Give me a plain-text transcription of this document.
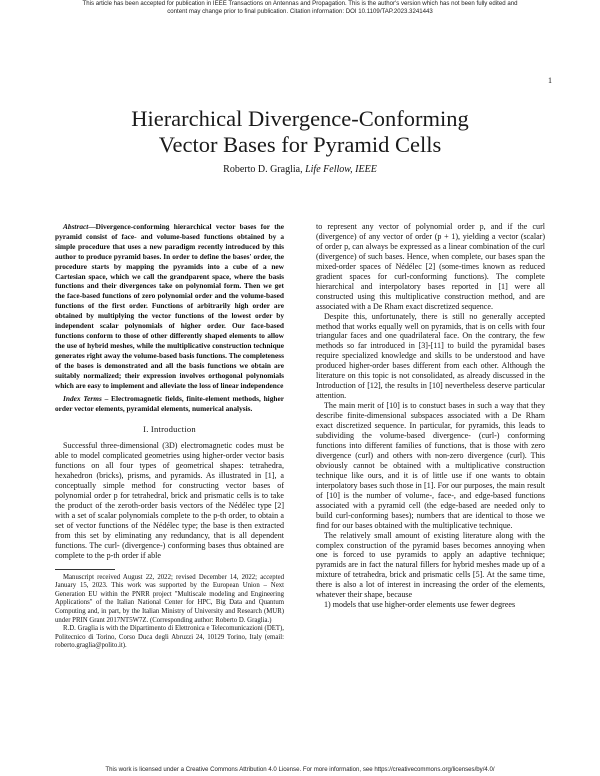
This article has been accepted for publication in IEEE Transactions on Antennas and Propagation. This is the author's version which has not been fully edited and
content may change prior to final publication. Citation information: DOI 10.1109/TAP.2023.3241443
1
Hierarchical Divergence-Conforming
Vector Bases for Pyramid Cells
Roberto D. Graglia, Life Fellow, IEEE

Abstract—Divergence-conforming hierarchical vector bases for the pyramid consist of face- and volume-based functions obtained by a simple procedure that uses a new paradigm recently introduced by this author to produce pyramid bases. In order to define the bases' order, the procedure starts by mapping the pyramids into a cube of a new Cartesian space, which we call the grandparent space, where the basis functions and their divergences take on polynomial form. Then we get the face-based functions of zero polynomial order and the volume-based functions of the first order. Functions of arbitrarily high order are obtained by multiplying the vector functions of the lowest order by independent scalar polynomials of higher order. Our face-based functions conform to those of other differently shaped elements to allow the use of hybrid meshes, while the multiplicative construction technique generates right away the volume-based basis functions. The completeness of the bases is demonstrated and all the basis functions we obtain are suitably normalized; their expression involves orthogonal polynomials which are easy to implement and alleviate the loss of linear independence

Index Terms – Electromagnetic fields, finite-element methods, higher order vector elements, pyramidal elements, numerical analysis.

I. Introduction

Successful three-dimensional (3D) electromagnetic codes must be able to model complicated geometries using higher-order vector basis functions on all four types of geometrical shapes: tetrahedra, hexahedron (bricks), prisms, and pyramids. As illustrated in [1], a conceptually simple method for constructing vector bases of polynomial order p for tetrahedral, brick and prismatic cells is to take the product of the zeroth-order basis vectors of the Nédélec type [2] with a set of scalar polynomials complete to the p-th order, to obtain a set of vector functions of the Nédélec type; the base is then extracted from this set by eliminating any redundancy, that is all dependent functions. The curl- (divergence-) conforming bases thus obtained are complete to the p-th order if able

Manuscript received August 22, 2022; revised December 14, 2022; accepted January 15, 2023. This work was supported by the European Union – Next Generation EU within the PNRR project "Multiscale modeling and Engineering Applications" of the Italian National Center for HPC, Big Data and Quantum Computing and, in part, by the Italian Ministry of University and Research (MUR) under PRIN Grant 2017NT5W7Z. (Corresponding author: Roberto D. Graglia.)

R.D. Graglia is with the Dipartimento di Elettronica e Telecomunicazioni (DET), Politecnico di Torino, Corso Duca degli Abruzzi 24, 10129 Torino, Italy (email: roberto.graglia@polito.it).

to represent any vector of polynomial order p, and if the curl (divergence) of any vector of order (p + 1), yielding a vector (scalar) of order p, can always be expressed as a linear combination of the curl (divergence) of such bases. Hence, when complete, our bases span the mixed-order spaces of Nédélec [2] (some-times known as reduced gradient spaces for curl-conforming functions). The complete hierarchical and interpolatory bases reported in [1] were all constructed using this multiplicative construction method, and are associated with a De Rham exact discretized sequence.

Despite this, unfortunately, there is still no generally accepted method that works equally well on pyramids, that is on cells with four triangular faces and one quadrilateral face. On the contrary, the few methods so far introduced in [3]-[11] to build the pyramidal bases require specialized knowledge and skills to be understood and have produced higher-order bases different from each other. Although the literature on this topic is not consolidated, as already discussed in the Introduction of [12], the results in [10] nevertheless deserve particular attention.

The main merit of [10] is to constuct bases in such a way that they describe finite-dimensional subspaces associated with a De Rham exact discretized sequence. In particular, for pyramids, this leads to subdividing the volume-based divergence- (curl-) conforming functions into different families of functions, that is those with zero divergence (curl) and others with non-zero divergence (curl). This obviously cannot be obtained with a multiplicative construction technique like ours, and it is of little use if one wants to obtain interpolatory bases such those in [1]. For our purposes, the main result of [10] is the number of volume-, face-, and edge-based functions associated with a pyramid cell (the edge-based are needed only to build curl-conforming bases); numbers that are identical to those we find for our bases obtained with the multiplicative technique.

The relatively small amount of existing literature along with the complex construction of the pyramid bases becomes annoying when one is forced to use pyramids to apply an adaptive technique; pyramids are in fact the natural fillers for hybrid meshes made up of a mixture of tetrahedra, brick and prismatic cells [5]. At the same time, there is also a lot of interest in increasing the order of the elements, whatever their shape, because

1) models that use higher-order elements use fewer degrees

This work is licensed under a Creative Commons Attribution 4.0 License. For more information, see https://creativecommons.org/licenses/by/4.0/
